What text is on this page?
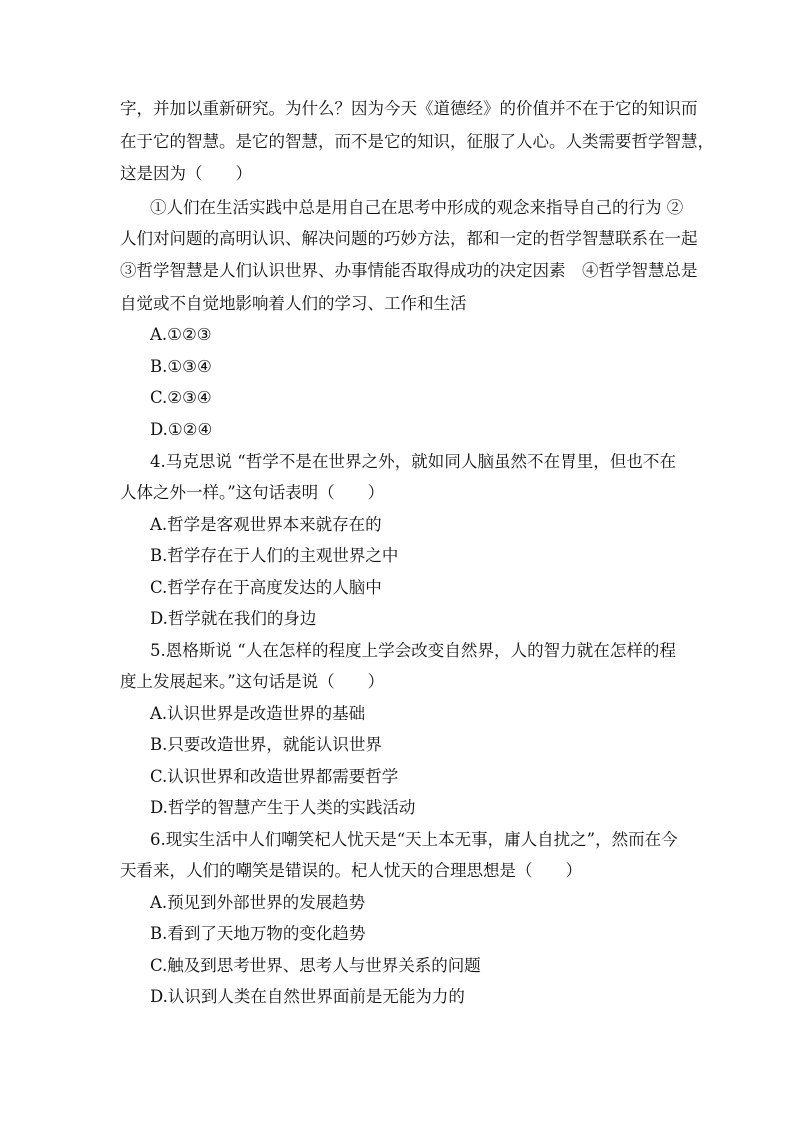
字，并加以重新研究。为什么？因为今天《道德经》的价值并不在于它的知识而
在于它的智慧。是它的智慧，而不是它的知识，征服了人心。人类需要哲学智慧，
这是因为（　　）
①人们在生活实践中总是用自己在思考中形成的观念来指导自己的行为 ②
人们对问题的高明认识、解决问题的巧妙方法，都和一定的哲学智慧联系在一起
③哲学智慧是人们认识世界、办事情能否取得成功的决定因素　④哲学智慧总是
自觉或不自觉地影响着人们的学习、工作和生活
A.①②③
B.①③④
C.②③④
D.①②④
4.马克思说 “哲学不是在世界之外，就如同人脑虽然不在胃里，但也不在
人体之外一样。”这句话表明（　　）
A.哲学是客观世界本来就存在的
B.哲学存在于人们的主观世界之中
C.哲学存在于高度发达的人脑中
D.哲学就在我们的身边
5.恩格斯说 “人在怎样的程度上学会改变自然界，人的智力就在怎样的程
度上发展起来。”这句话是说（　　）
A.认识世界是改造世界的基础
B.只要改造世界，就能认识世界
C.认识世界和改造世界都需要哲学
D.哲学的智慧产生于人类的实践活动
6.现实生活中人们嘲笑杞人忧天是“天上本无事，庸人自扰之”，然而在今
天看来，人们的嘲笑是错误的。杞人忧天的合理思想是（　　）
A.预见到外部世界的发展趋势
B.看到了天地万物的变化趋势
C.触及到思考世界、思考人与世界关系的问题
D.认识到人类在自然世界面前是无能为力的
